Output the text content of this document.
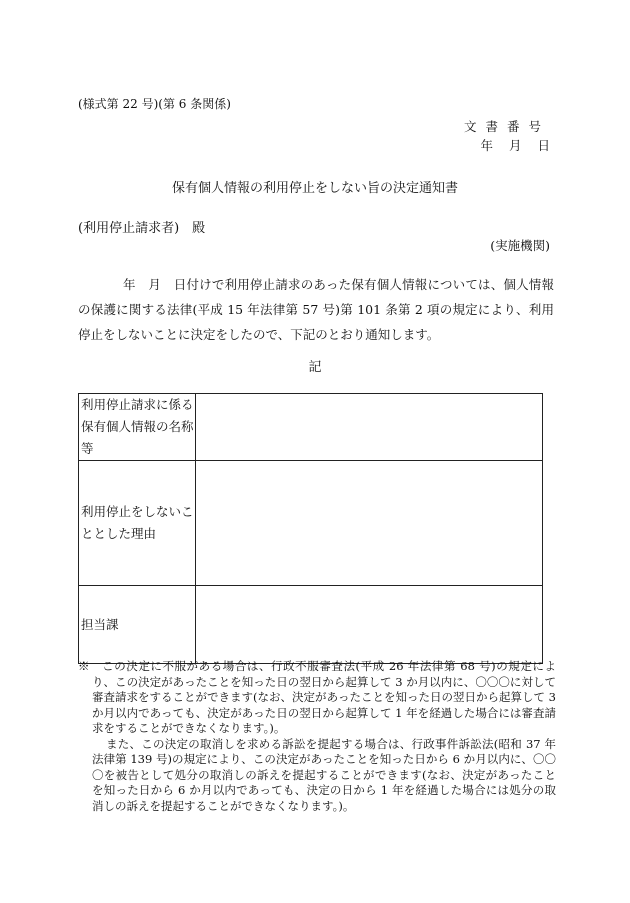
(様式第 22 号)(第 6 条関係)
文書番号
年 月 日
保有個人情報の利用停止をしない旨の決定通知書
(利用停止請求者)　殿
(実施機関)
年　月　日付けで利用停止請求のあった保有個人情報については、個人情報の保護に関する法律(平成 15 年法律第 57 号)第 101 条第 2 項の規定により、利用停止をしないことに決定をしたので、下記のとおり通知します。
記
利用停止請求に係る保有個人情報の名称等	
利用停止をしないこととした理由	
担当課	

※　この決定に不服がある場合は、行政不服審査法(平成 26 年法律第 68 号)の規定により、この決定があったことを知った日の翌日から起算して 3 か月以内に、〇〇〇に対して審査請求をすることができます(なお、決定があったことを知った日の翌日から起算して 3 か月以内であっても、決定があった日の翌日から起算して 1 年を経過した場合には審査請求をすることができなくなります。)。

また、この決定の取消しを求める訴訟を提起する場合は、行政事件訴訟法(昭和 37 年法律第 139 号)の規定により、この決定があったことを知った日から 6 か月以内に、〇〇〇を被告として処分の取消しの訴えを提起することができます(なお、決定があったことを知った日から 6 か月以内であっても、決定の日から 1 年を経過した場合には処分の取消しの訴えを提起することができなくなります。)。
